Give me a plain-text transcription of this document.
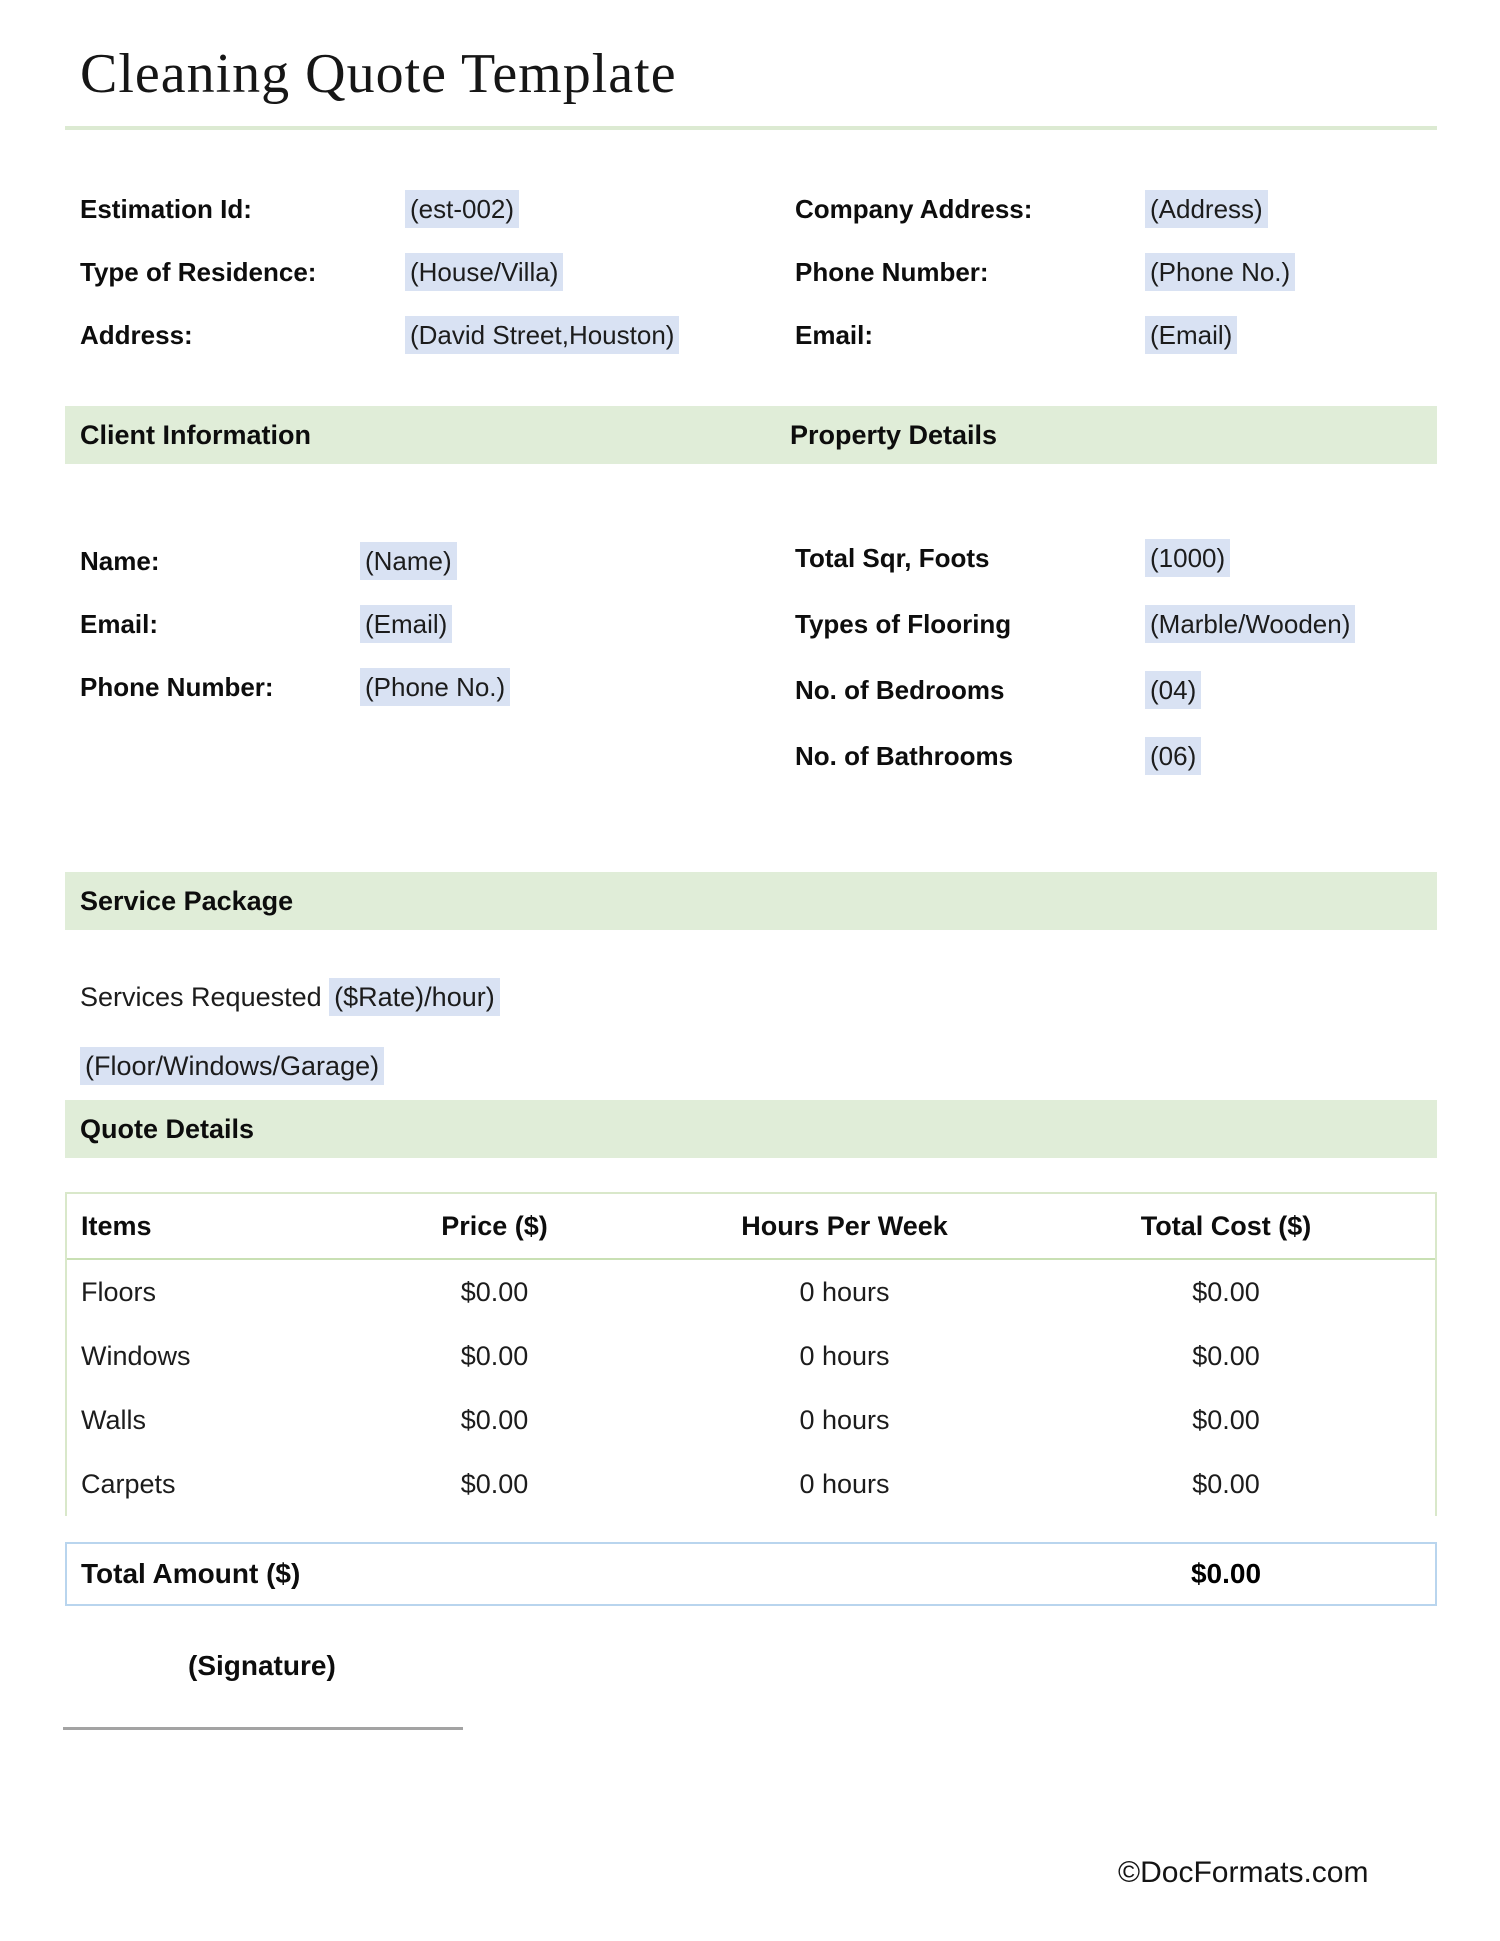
Cleaning Quote Template
Estimation Id:	(est-002)
Type of Residence:	(House/Villa)
Address:	(David Street,Houston)
Company Address:	(Address)
Phone Number:	(Phone No.)
Email:	(Email)
Client Information	Property Details
Name:	(Name)
Email:	(Email)
Phone Number:	(Phone No.)
Total Sqr, Foots	(1000)
Types of Flooring	(Marble/Wooden)
No. of Bedrooms	(04)
No. of Bathrooms	(06)
Service Package
Services Requested ($Rate)/hour)
(Floor/Windows/Garage)
Quote Details
Items	Price ($)	Hours Per Week	Total Cost ($)
Floors	$0.00	0 hours	$0.00
Windows	$0.00	0 hours	$0.00
Walls	$0.00	0 hours	$0.00
Carpets	$0.00	0 hours	$0.00
Total Amount ($)	$0.00
(Signature)
©DocFormats.com
